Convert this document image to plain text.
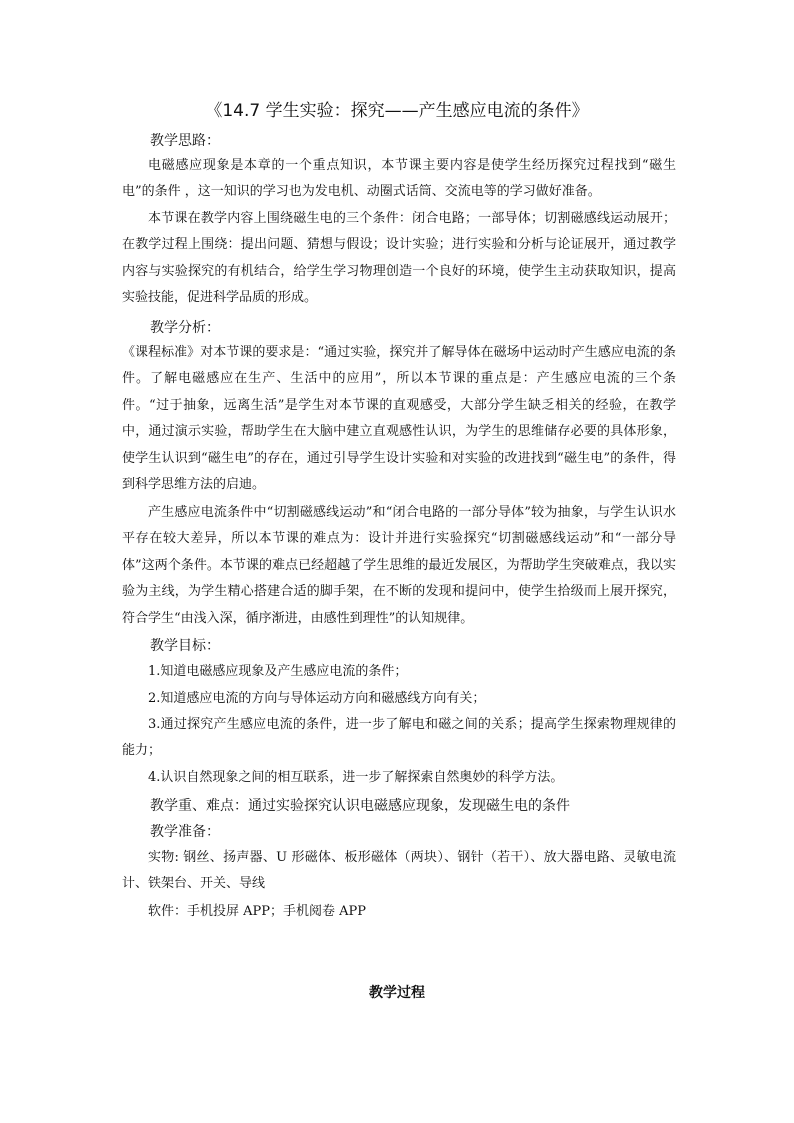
《14.7 学生实验：探究——产生感应电流的条件》
教学思路：

电磁感应现象是本章的一个重点知识，本节课主要内容是使学生经历探究过程找到“磁生电”的条件 ，这一知识的学习也为发电机、动圈式话筒、交流电等的学习做好准备。

本节课在教学内容上围绕磁生电的三个条件：闭合电路；一部导体；切割磁感线运动展开；在教学过程上围绕：提出问题、猜想与假设；设计实验；进行实验和分析与论证展开，通过教学内容与实验探究的有机结合，给学生学习物理创造一个良好的环境，使学生主动获取知识，提高实验技能，促进科学品质的形成。

教学分析：

《课程标准》对本节课的要求是：“通过实验，探究并了解导体在磁场中运动时产生感应电流的条件。了解电磁感应在生产、生活中的应用”，所以本节课的重点是：产生感应电流的三个条件。“过于抽象，远离生活”是学生对本节课的直观感受，大部分学生缺乏相关的经验，在教学中，通过演示实验，帮助学生在大脑中建立直观感性认识，为学生的思维储存必要的具体形象，使学生认识到“磁生电”的存在，通过引导学生设计实验和对实验的改进找到“磁生电”的条件，得到科学思维方法的启迪。

产生感应电流条件中“切割磁感线运动”和“闭合电路的一部分导体”较为抽象，与学生认识水平存在较大差异，所以本节课的难点为：设计并进行实验探究“切割磁感线运动”和“一部分导体”这两个条件。本节课的难点已经超越了学生思维的最近发展区，为帮助学生突破难点，我以实验为主线，为学生精心搭建合适的脚手架，在不断的发现和提问中，使学生拾级而上展开探究，符合学生“由浅入深，循序渐进，由感性到理性”的认知规律。

教学目标：
1.知道电磁感应现象及产生感应电流的条件；
2.知道感应电流的方向与导体运动方向和磁感线方向有关；

3.通过探究产生感应电流的条件，进一步了解电和磁之间的关系；提高学生探索物理规律的能力；

4.认识自然现象之间的相互联系，进一步了解探索自然奥妙的科学方法。
教学重、难点：通过实验探究认识电磁感应现象，发现磁生电的条件
教学准备：

实物: 钢丝、扬声器、U 形磁体、板形磁体（两块）、钢针（若干）、放大器电路、灵敏电流计、铁架台、开关、导线

软件：手机投屏 APP；手机阅卷 APP
教学过程
